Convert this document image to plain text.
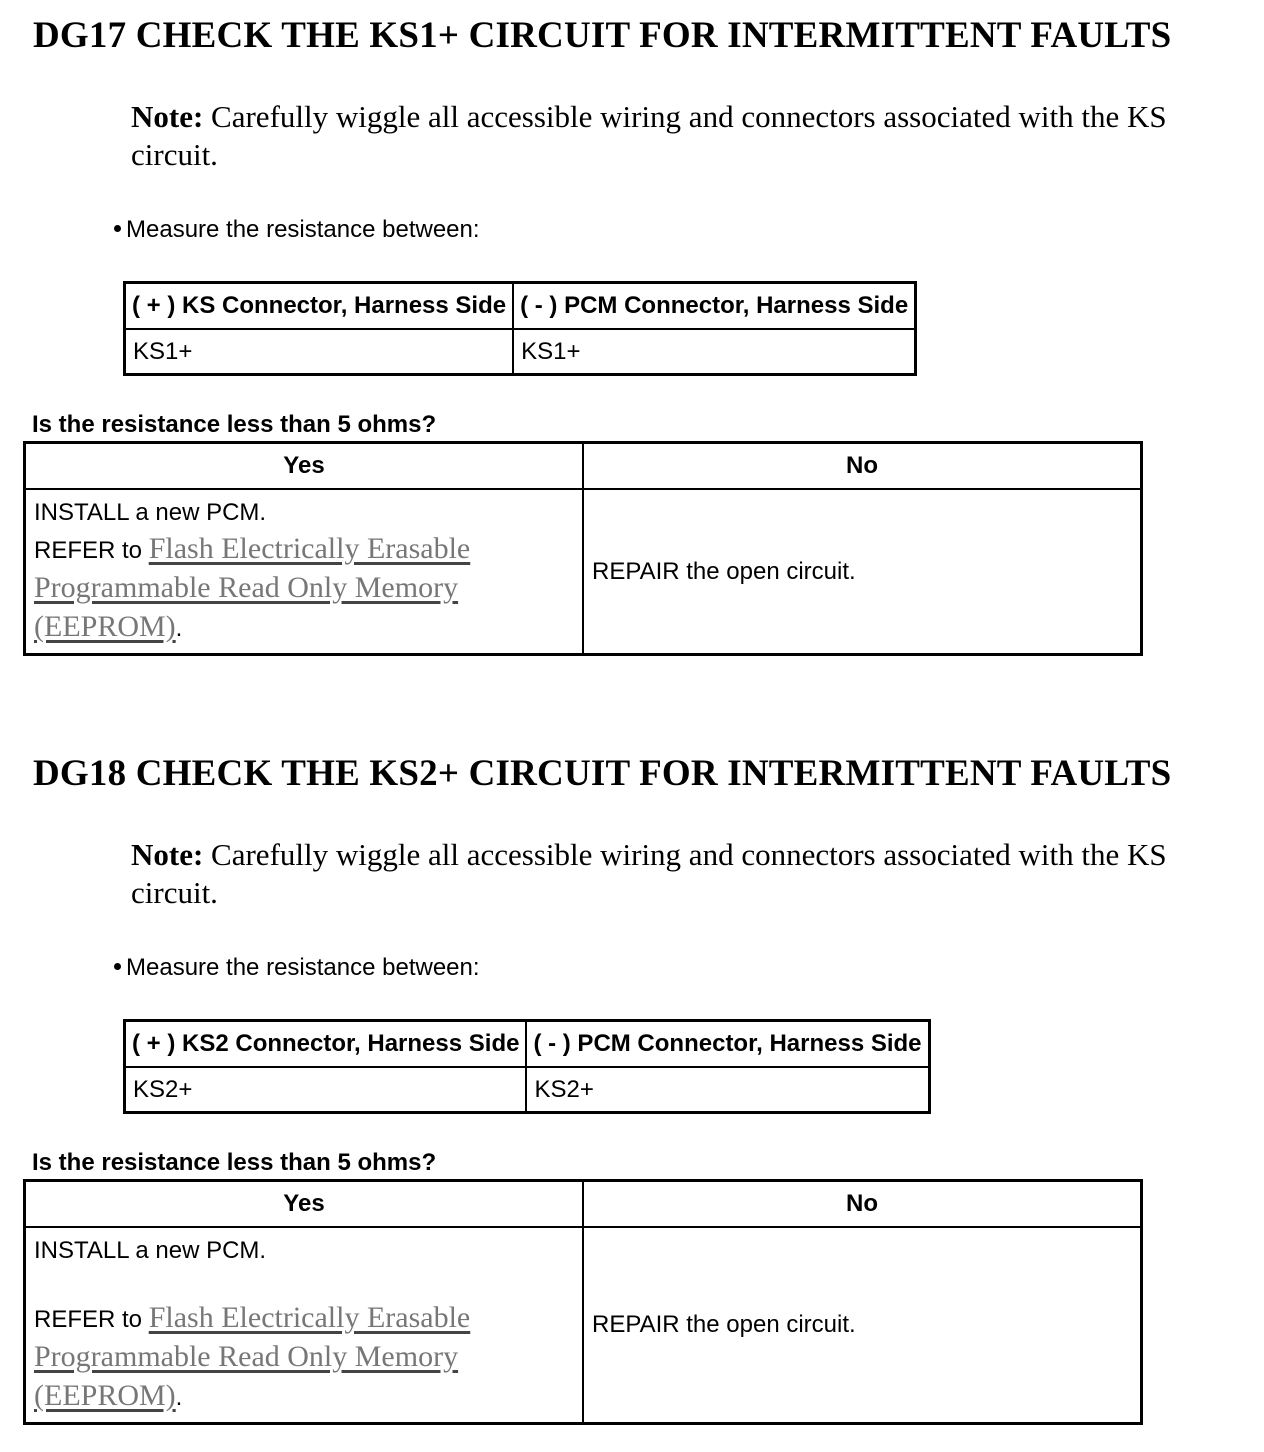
DG17 CHECK THE KS1+ CIRCUIT FOR INTERMITTENT FAULTS

Note: Carefully wiggle all accessible wiring and connectors associated with the KS circuit.

Measure the resistance between:

( + ) KS Connector, Harness Side	( - ) PCM Connector, Harness Side
KS1+	KS1+

Is the resistance less than 5 ohms?

Yes	No

INSTALL a new PCM.
REFER to Flash Electrically Erasable Programmable Read Only Memory (EEPROM).	REPAIR the open circuit.
DG18 CHECK THE KS2+ CIRCUIT FOR INTERMITTENT FAULTS

Note: Carefully wiggle all accessible wiring and connectors associated with the KS circuit.

Measure the resistance between:

( + ) KS2 Connector, Harness Side	( - ) PCM Connector, Harness Side
KS2+	KS2+

Is the resistance less than 5 ohms?

Yes	No

INSTALL a new PCM.
REFER to Flash Electrically Erasable Programmable Read Only Memory (EEPROM).	REPAIR the open circuit.
